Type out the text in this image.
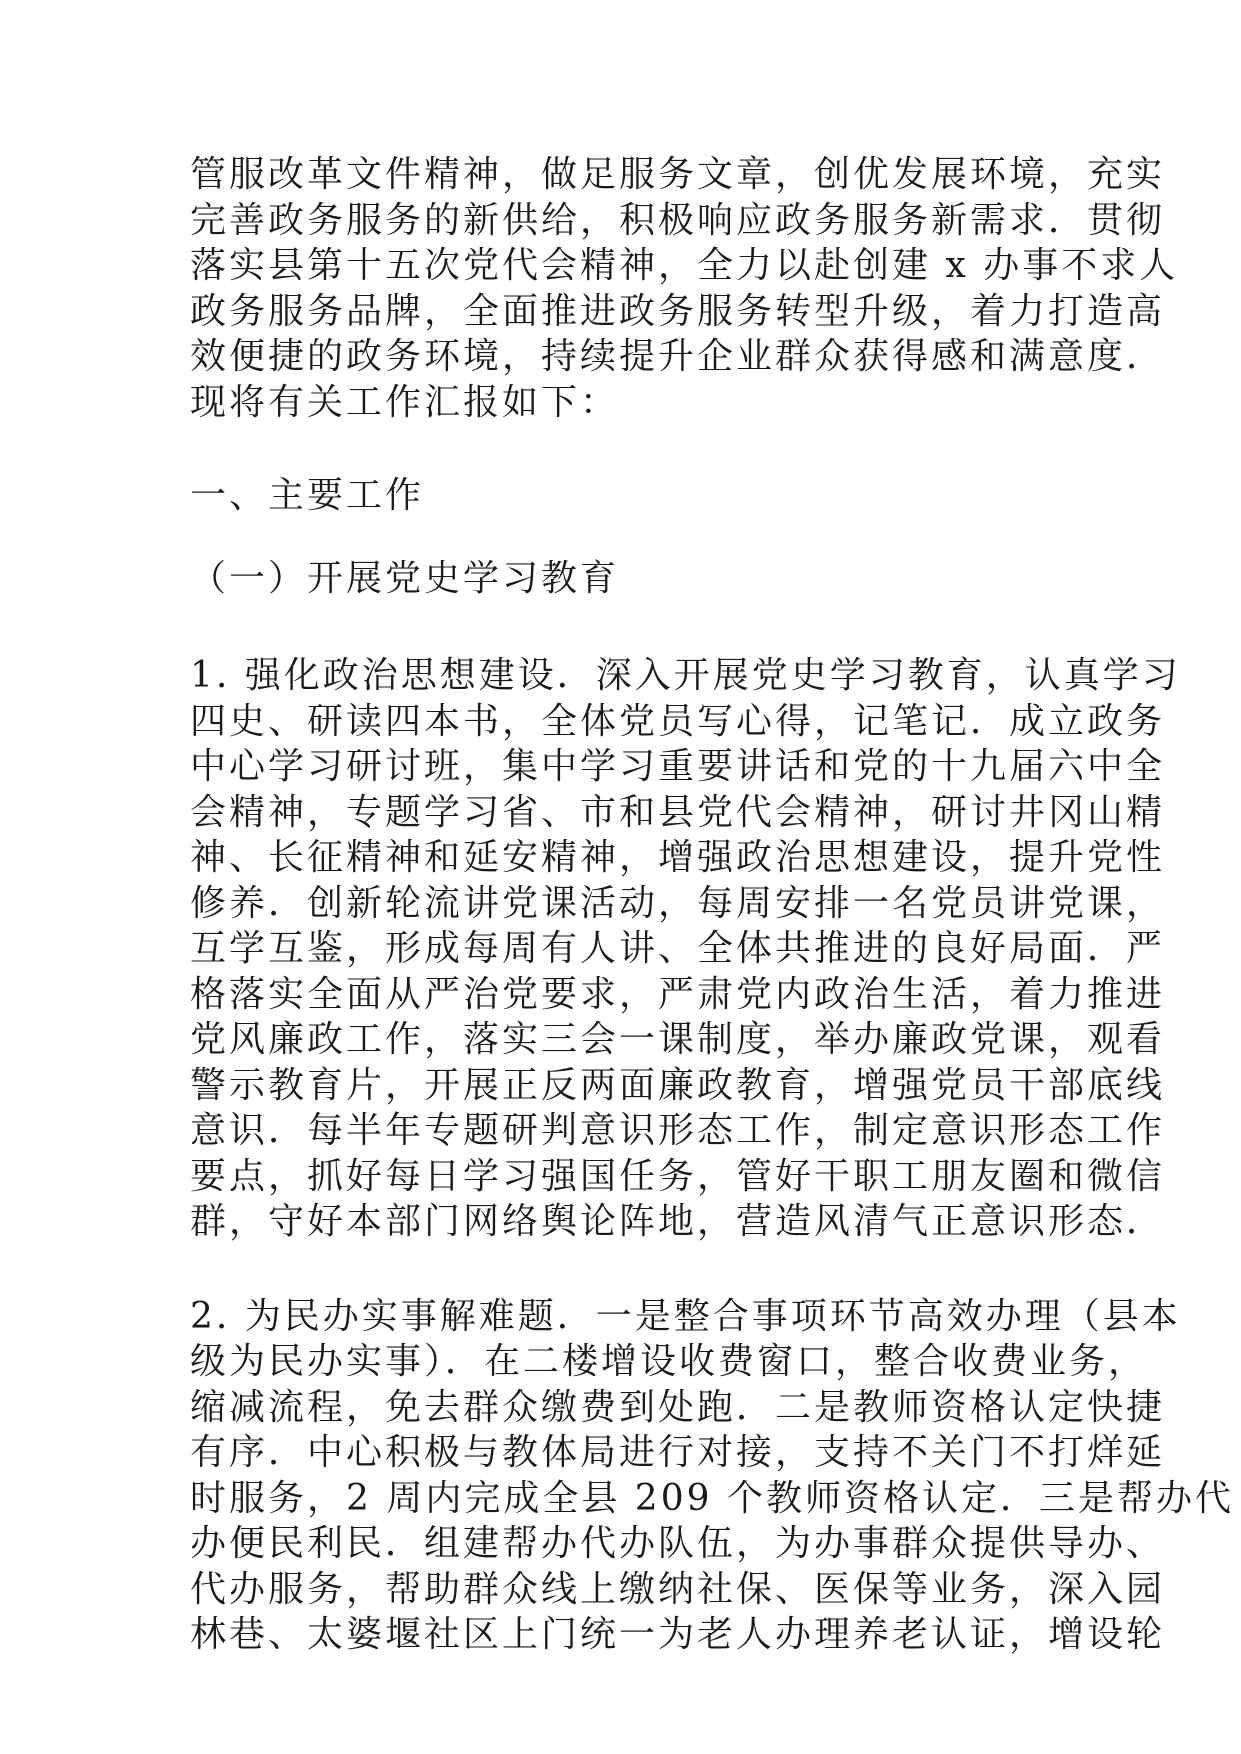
管服改革文件精神，做足服务文章，创优发展环境，充实
完善政务服务的新供给，积极响应政务服务新需求．贯彻
落实县第十五次党代会精神，全力以赴创建 x 办事不求人
政务服务品牌，全面推进政务服务转型升级，着力打造高
效便捷的政务环境，持续提升企业群众获得感和满意度．
现将有关工作汇报如下：
一、主要工作
（一）开展党史学习教育
1. 强化政治思想建设．深入开展党史学习教育，认真学习
四史、研读四本书，全体党员写心得，记笔记．成立政务
中心学习研讨班，集中学习重要讲话和党的十九届六中全
会精神，专题学习省、市和县党代会精神，研讨井冈山精
神、长征精神和延安精神，增强政治思想建设，提升党性
修养．创新轮流讲党课活动，每周安排一名党员讲党课，
互学互鉴，形成每周有人讲、全体共推进的良好局面．严
格落实全面从严治党要求，严肃党内政治生活，着力推进
党风廉政工作，落实三会一课制度，举办廉政党课，观看
警示教育片，开展正反两面廉政教育，增强党员干部底线
意识．每半年专题研判意识形态工作，制定意识形态工作
要点，抓好每日学习强国任务，管好干职工朋友圈和微信
群，守好本部门网络舆论阵地，营造风清气正意识形态．
2. 为民办实事解难题．一是整合事项环节高效办理（县本
级为民办实事）．在二楼增设收费窗口，整合收费业务，
缩减流程，免去群众缴费到处跑．二是教师资格认定快捷
有序．中心积极与教体局进行对接，支持不关门不打烊延
时服务，2 周内完成全县 209 个教师资格认定．三是帮办代
办便民利民．组建帮办代办队伍，为办事群众提供导办、
代办服务，帮助群众线上缴纳社保、医保等业务，深入园
林巷、太婆堰社区上门统一为老人办理养老认证，增设轮
